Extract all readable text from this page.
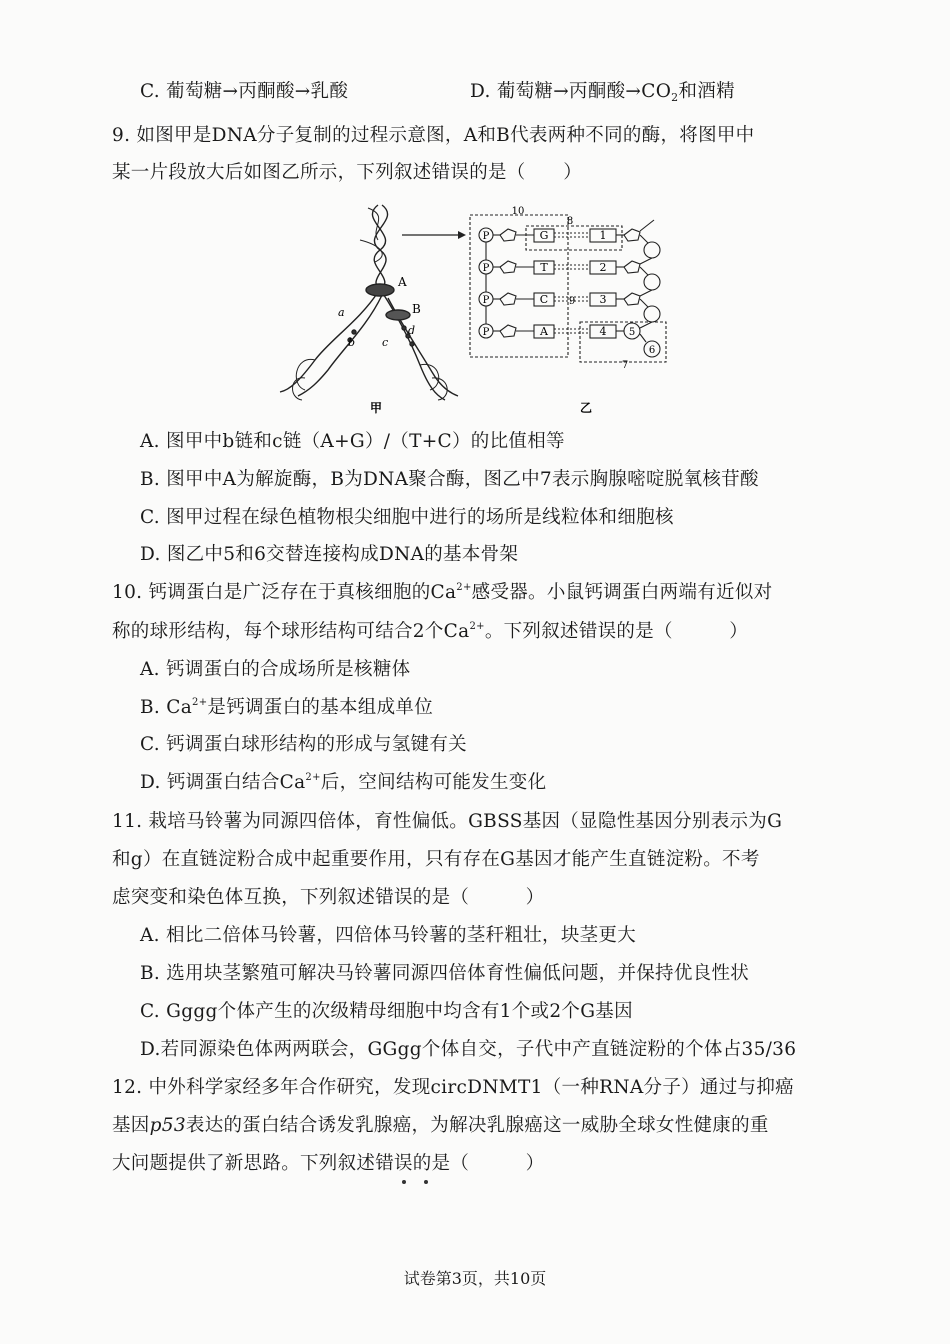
C. 葡萄糖→丙酮酸→乳酸	D. 葡萄糖→丙酮酸$\to CO_2$和酒精
9. 如图甲是DNA分子复制的过程示意图，A和B代表两种不同的酶，将图甲中
某一片段放大后如图乙所示，下列叙述错误的是（　　）
A
B
a
b c
d
甲
P
P
P
P
G
T
C
A
1
2
3
4 5
6
7
8
9
10
乙
A. 图甲中b链和c链（A+G）/（T+C）的比值相等
B. 图甲中A为解旋酶，B为DNA聚合酶，图乙中7表示胸腺嘧啶脱氧核苷酸
C. 图甲过程在绿色植物根尖细胞中进行的场所是线粒体和细胞核
D. 图乙中5和6交替连接构成DNA的基本骨架
10. 钙调蛋白是广泛存在于真核细胞的$Ca^{2+}$感受器。小鼠钙调蛋白两端有近似对
称的球形结构，每个球形结构可结合2个$Ca^{2+}$。下列叙述错误的是（　　　）
A. 钙调蛋白的合成场所是核糖体
B. $Ca^{2+}$是钙调蛋白的基本组成单位
C. 钙调蛋白球形结构的形成与氢键有关
D. 钙调蛋白结合$Ca^{2+}$后，空间结构可能发生变化
11. 栽培马铃薯为同源四倍体，育性偏低。GBSS基因（显隐性基因分别表示为G
和g）在直链淀粉合成中起重要作用，只有存在G基因才能产生直链淀粉。不考
虑突变和染色体互换，下列叙述错误的是（　　　）
A. 相比二倍体马铃薯，四倍体马铃薯的茎秆粗壮，块茎更大
B. 选用块茎繁殖可解决马铃薯同源四倍体育性偏低问题，并保持优良性状
C. Gggg个体产生的次级精母细胞中均含有1个或2个G基因
D.若同源染色体两两联会，GGgg个体自交，子代中产直链淀粉的个体占35/36
12. 中外科学家经多年合作研究，发现circDNMT1（一种RNA分子）通过与抑癌
基因p53表达的蛋白结合诱发乳腺癌，为解决乳腺癌这一威胁全球女性健康的重
大问题提供了新思路。下列叙述错误的是（　　　）
试卷第3页，共10页
